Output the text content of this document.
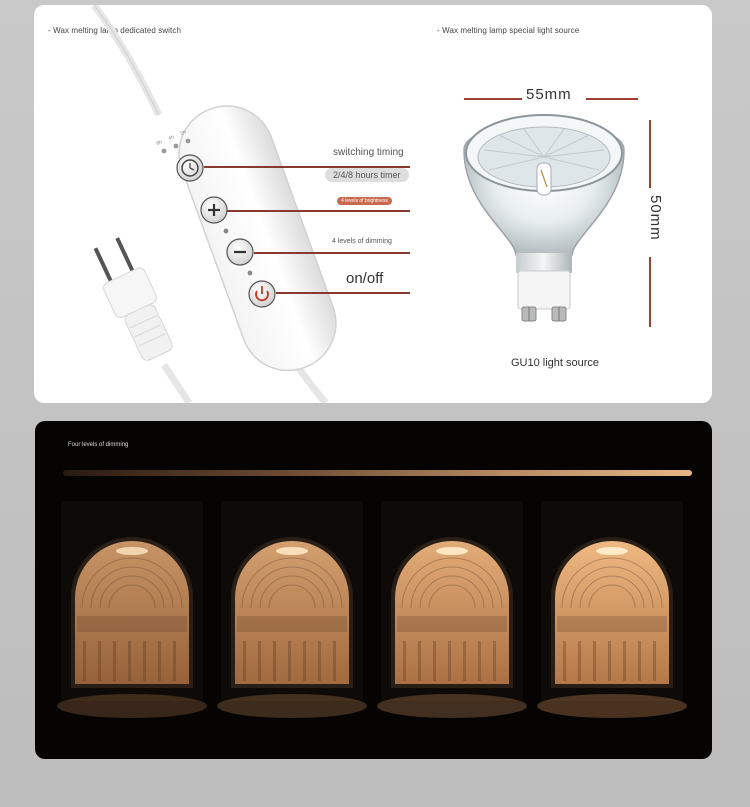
- Wax melting lamp dedicated switch	- Wax melting lamp special light source
8h
4h
2h
switching timing
2/4/8 hours timer
4 levels of brightness
4 levels of dimming
on/off
55mm
50mm
GU10 light source
Four levels of dimming
